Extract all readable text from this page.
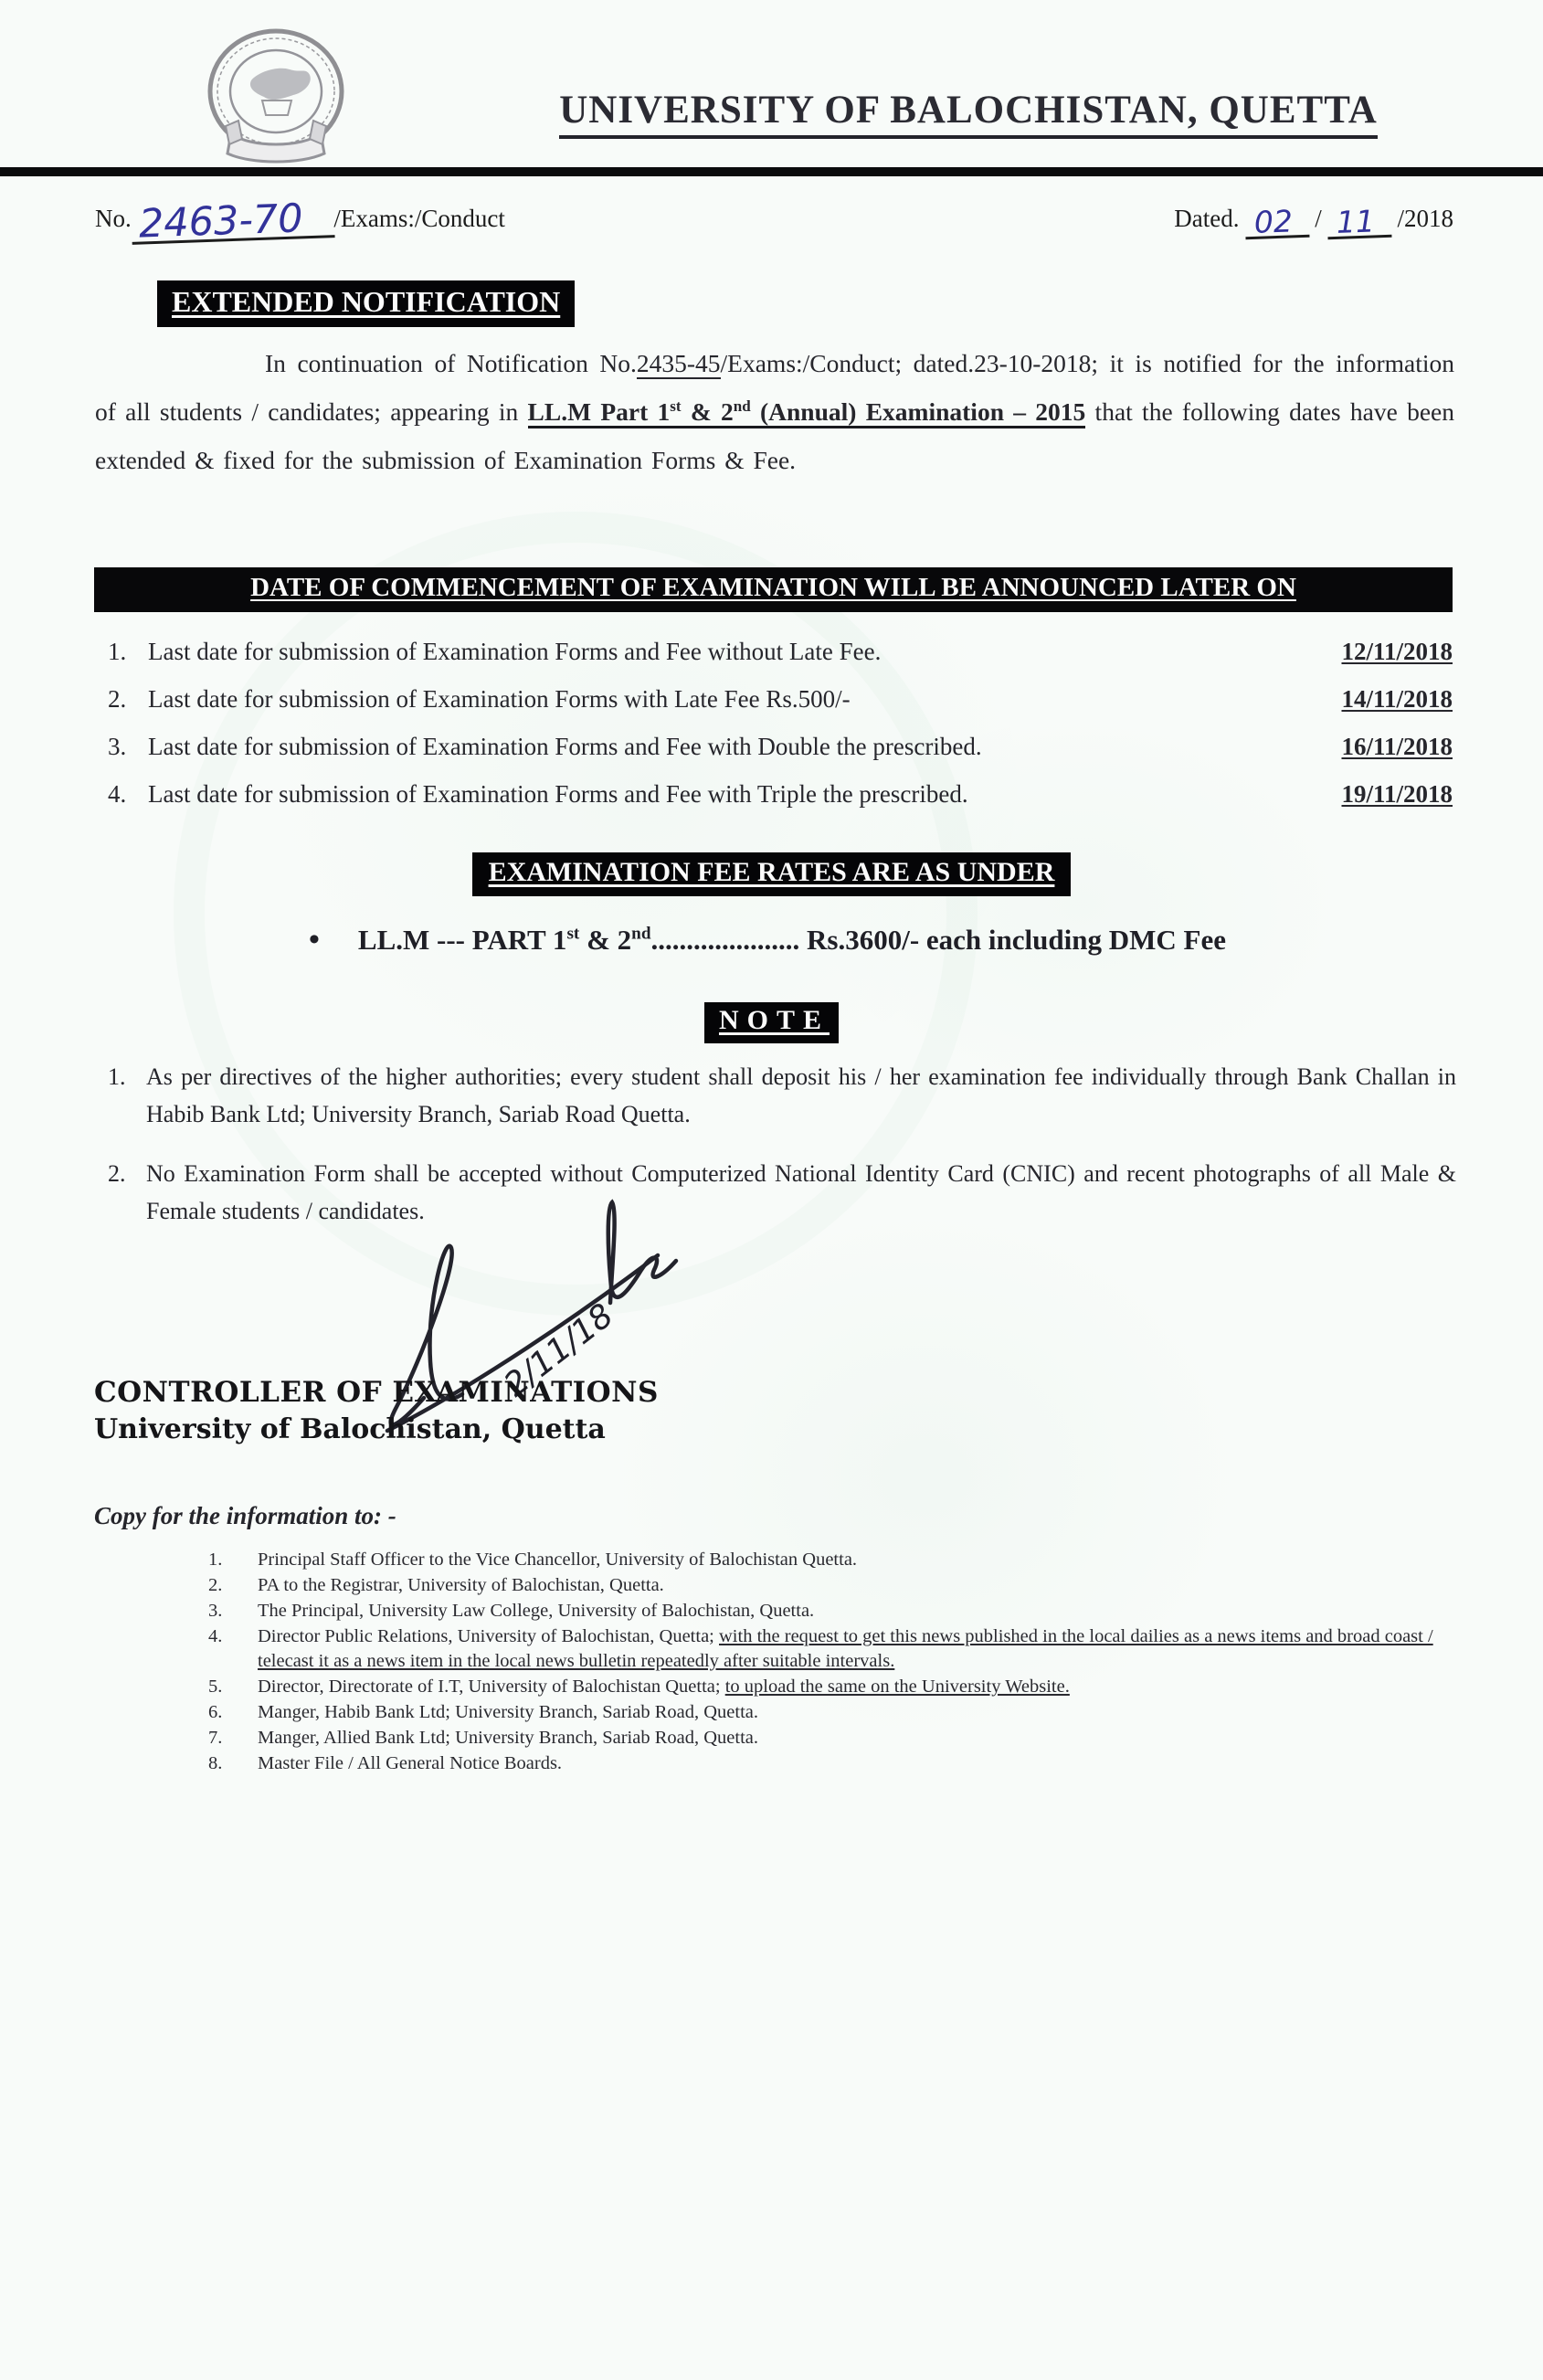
UNIVERSITY OF BALOCHISTAN, QUETTA
No. 2463-70 /Exams:/Conduct	Dated. 02 / 11 /2018
EXTENDED NOTIFICATION
In continuation of Notification No.2435-45/Exams:/Conduct; dated.23-10-2018; it is notified for the information of all students / candidates; appearing in LL.M Part 1st & 2nd (Annual) Examination – 2015 that the following dates have been extended & fixed for the submission of Examination Forms & Fee.
DATE OF COMMENCEMENT OF EXAMINATION WILL BE ANNOUNCED LATER ON
1. Last date for submission of Examination Forms and Fee without Late Fee.	12/11/2018
2. Last date for submission of Examination Forms with Late Fee Rs.500/-	14/11/2018
3. Last date for submission of Examination Forms and Fee with Double the prescribed.	16/11/2018
4. Last date for submission of Examination Forms and Fee with Triple the prescribed.	19/11/2018
EXAMINATION FEE RATES ARE AS UNDER
• LL.M --- PART 1st & 2nd..................... Rs.3600/- each including DMC Fee
NOTE
1. As per directives of the higher authorities; every student shall deposit his / her examination fee individually through Bank Challan in Habib Bank Ltd; University Branch, Sariab Road Quetta.
2. No Examination Form shall be accepted without Computerized National Identity Card (CNIC) and recent photographs of all Male & Female students / candidates.
2/11/18
CONTROLLER OF EXAMINATIONS
University of Balochistan, Quetta
Copy for the information to: -
1.	Principal Staff Officer to the Vice Chancellor, University of Balochistan Quetta.
2.	PA to the Registrar, University of Balochistan, Quetta.
3.	The Principal, University Law College, University of Balochistan, Quetta.
4.	Director Public Relations, University of Balochistan, Quetta; with the request to get this news published in the local dailies as a news items and broad coast / telecast it as a news item in the local news bulletin repeatedly after suitable intervals.
5.	Director, Directorate of I.T, University of Balochistan Quetta; to upload the same on the University Website.
6.	Manger, Habib Bank Ltd; University Branch, Sariab Road, Quetta.
7.	Manger, Allied Bank Ltd; University Branch, Sariab Road, Quetta.
8.	Master File / All General Notice Boards.
